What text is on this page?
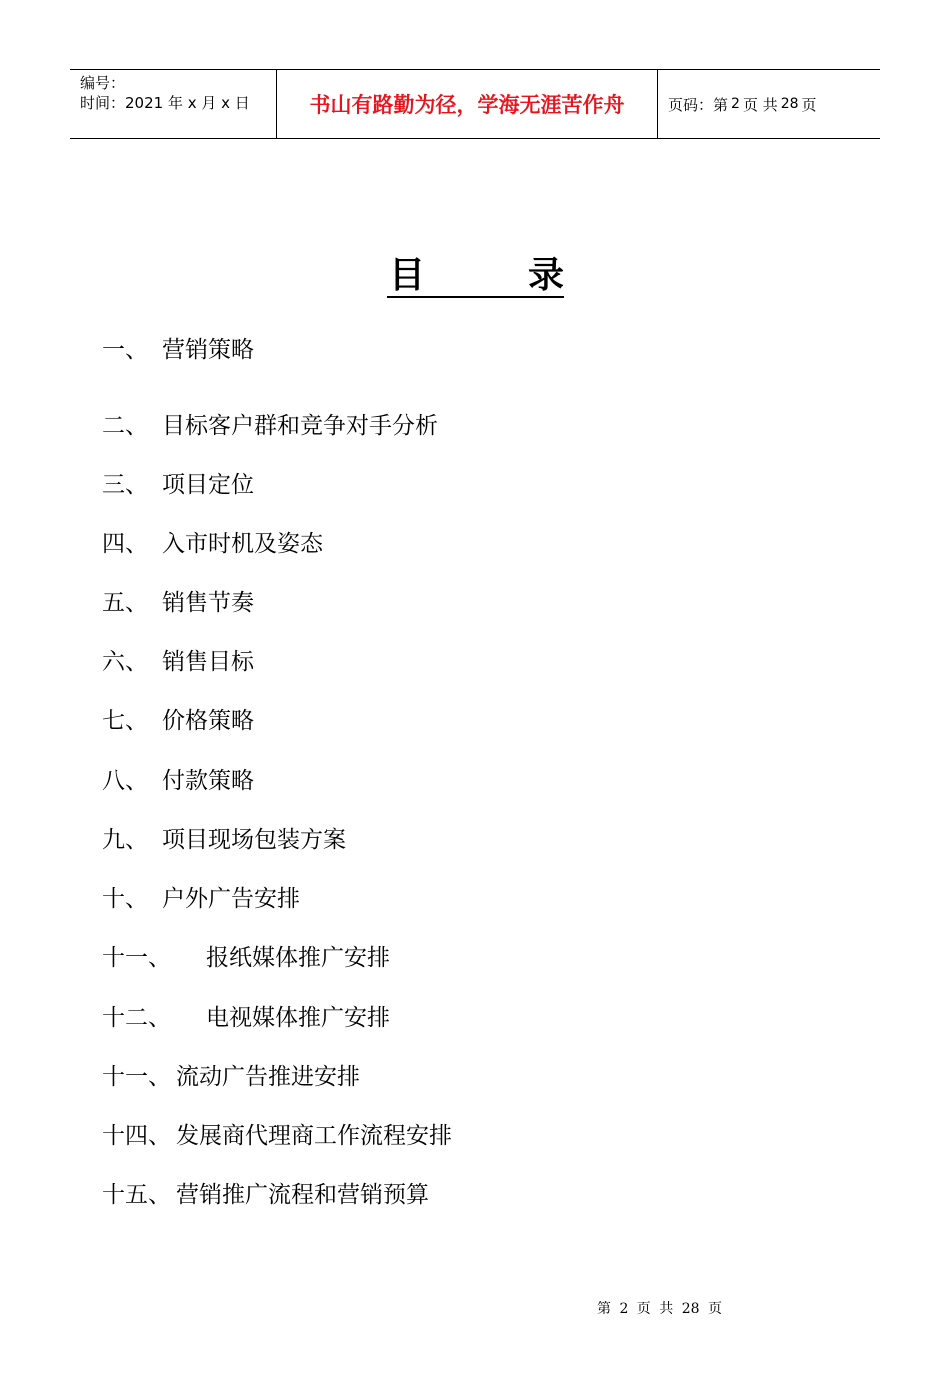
编号：
时间：2021 年 x 月 x 日	书山有路勤为径，学海无涯苦作舟	页码：第 2 页 共 28 页
目	录
一、 营销策略
二、 目标客户群和竞争对手分析
三、 项目定位
四、 入市时机及姿态
五、 销售节奏
六、 销售目标
七、 价格策略
八、 付款策略
九、 项目现场包装方案
十、 户外广告安排
十一、 报纸媒体推广安排
十二、 电视媒体推广安排
十一、 流动广告推进安排
十四、 发展商代理商工作流程安排
十五、 营销推广流程和营销预算
第 2 页 共 28 页
